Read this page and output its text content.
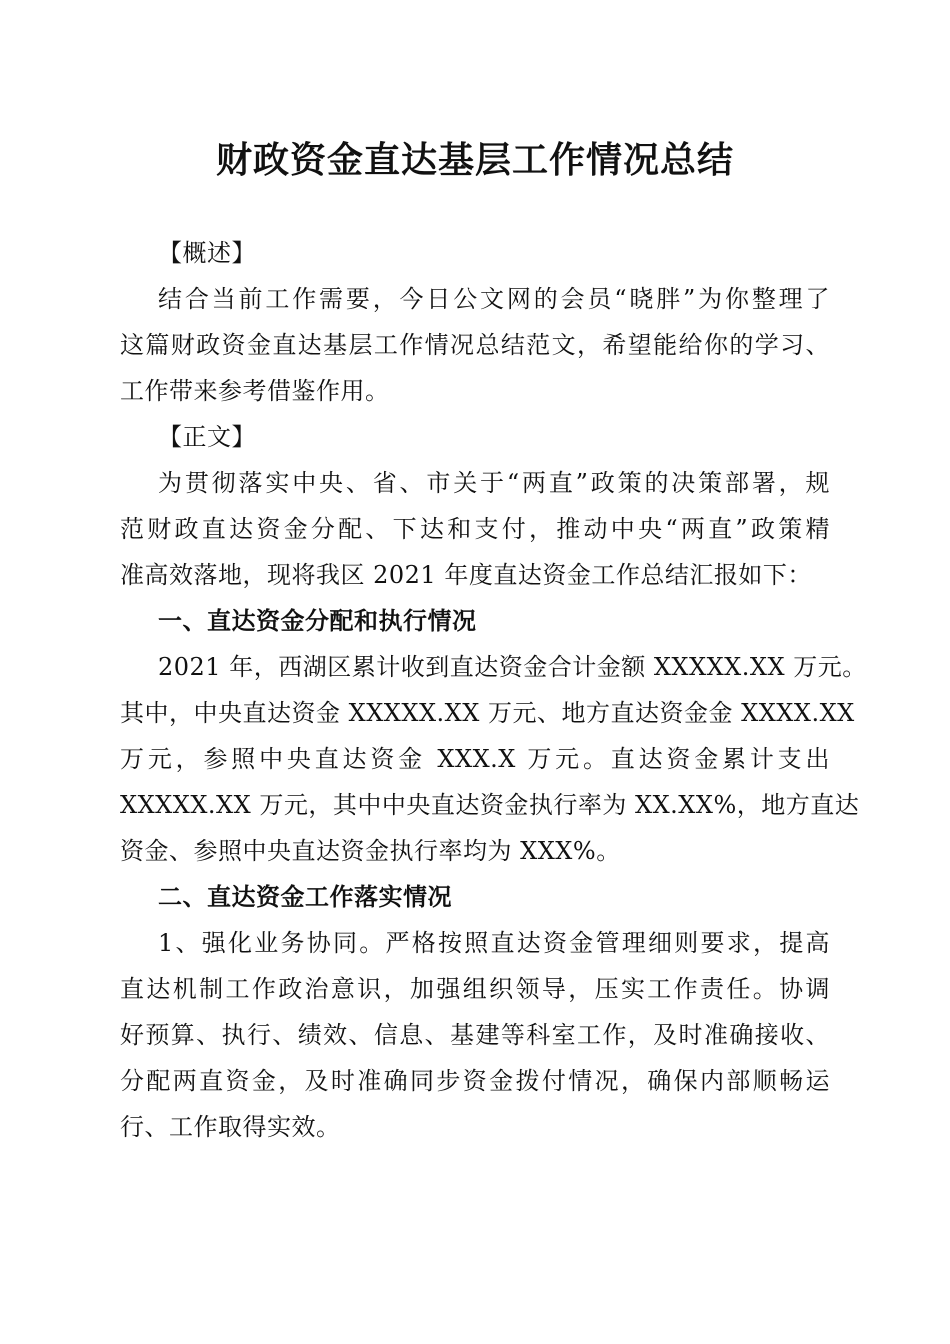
财政资金直达基层工作情况总结
【概述】
结合当前工作需要，今日公文网的会员“晓胖”为你整理了
这篇财政资金直达基层工作情况总结范文，希望能给你的学习、
工作带来参考借鉴作用。
【正文】
为贯彻落实中央、省、市关于“两直”政策的决策部署，规
范财政直达资金分配、下达和支付，推动中央“两直”政策精
准高效落地，现将我区 2021 年度直达资金工作总结汇报如下：
一、直达资金分配和执行情况
2021 年，西湖区累计收到直达资金合计金额 XXXXX.XX 万元。
其中，中央直达资金 XXXXX.XX 万元、地方直达资金金 XXXX.XX
万元，参照中央直达资金 XXX.X 万元。直达资金累计支出
XXXXX.XX 万元，其中中央直达资金执行率为 XX.XX%，地方直达
资金、参照中央直达资金执行率均为 XXX%。
二、直达资金工作落实情况
1、强化业务协同。严格按照直达资金管理细则要求，提高
直达机制工作政治意识，加强组织领导，压实工作责任。协调
好预算、执行、绩效、信息、基建等科室工作，及时准确接收、
分配两直资金，及时准确同步资金拨付情况，确保内部顺畅运
行、工作取得实效。
